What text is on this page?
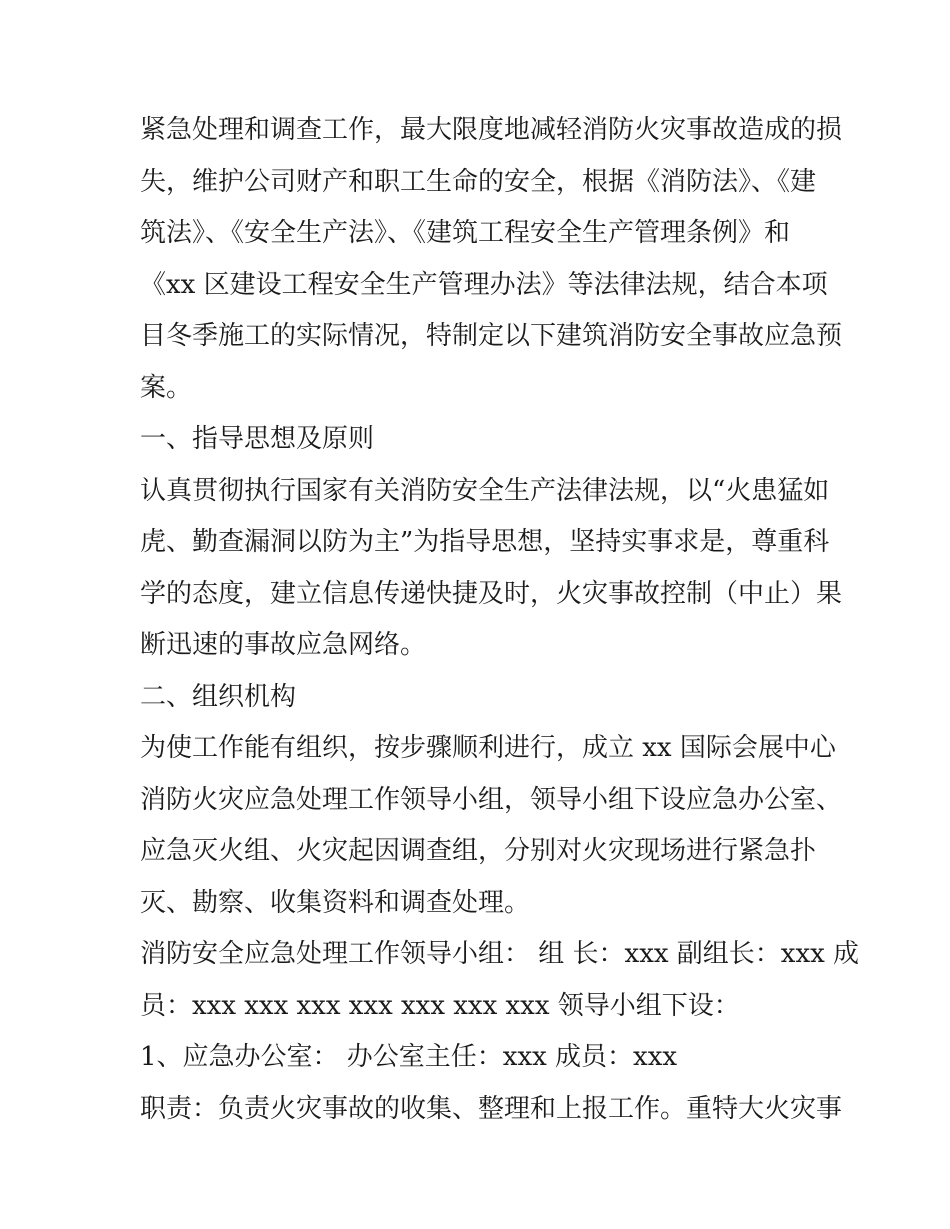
紧急处理和调查工作，最大限度地减轻消防火灾事故造成的损
失，维护公司财产和职工生命的安全，根据《消防法》、《建
筑法》、《安全生产法》、《建筑工程安全生产管理条例》和
《xx 区建设工程安全生产管理办法》等法律法规，结合本项
目冬季施工的实际情况，特制定以下建筑消防安全事故应急预
案。
一、指导思想及原则
认真贯彻执行国家有关消防安全生产法律法规，以“火患猛如
虎、勤查漏洞以防为主”为指导思想，坚持实事求是，尊重科
学的态度，建立信息传递快捷及时，火灾事故控制（中止）果
断迅速的事故应急网络。
二、组织机构
为使工作能有组织，按步骤顺利进行，成立 xx 国际会展中心
消防火灾应急处理工作领导小组，领导小组下设应急办公室、
应急灭火组、火灾起因调查组，分别对火灾现场进行紧急扑
灭、勘察、收集资料和调查处理。
消防安全应急处理工作领导小组： 组 长：xxx 副组长：xxx 成
员：xxx xxx xxx xxx xxx xxx xxx 领导小组下设：
1、应急办公室： 办公室主任：xxx 成员：xxx
职责：负责火灾事故的收集、整理和上报工作。重特大火灾事
